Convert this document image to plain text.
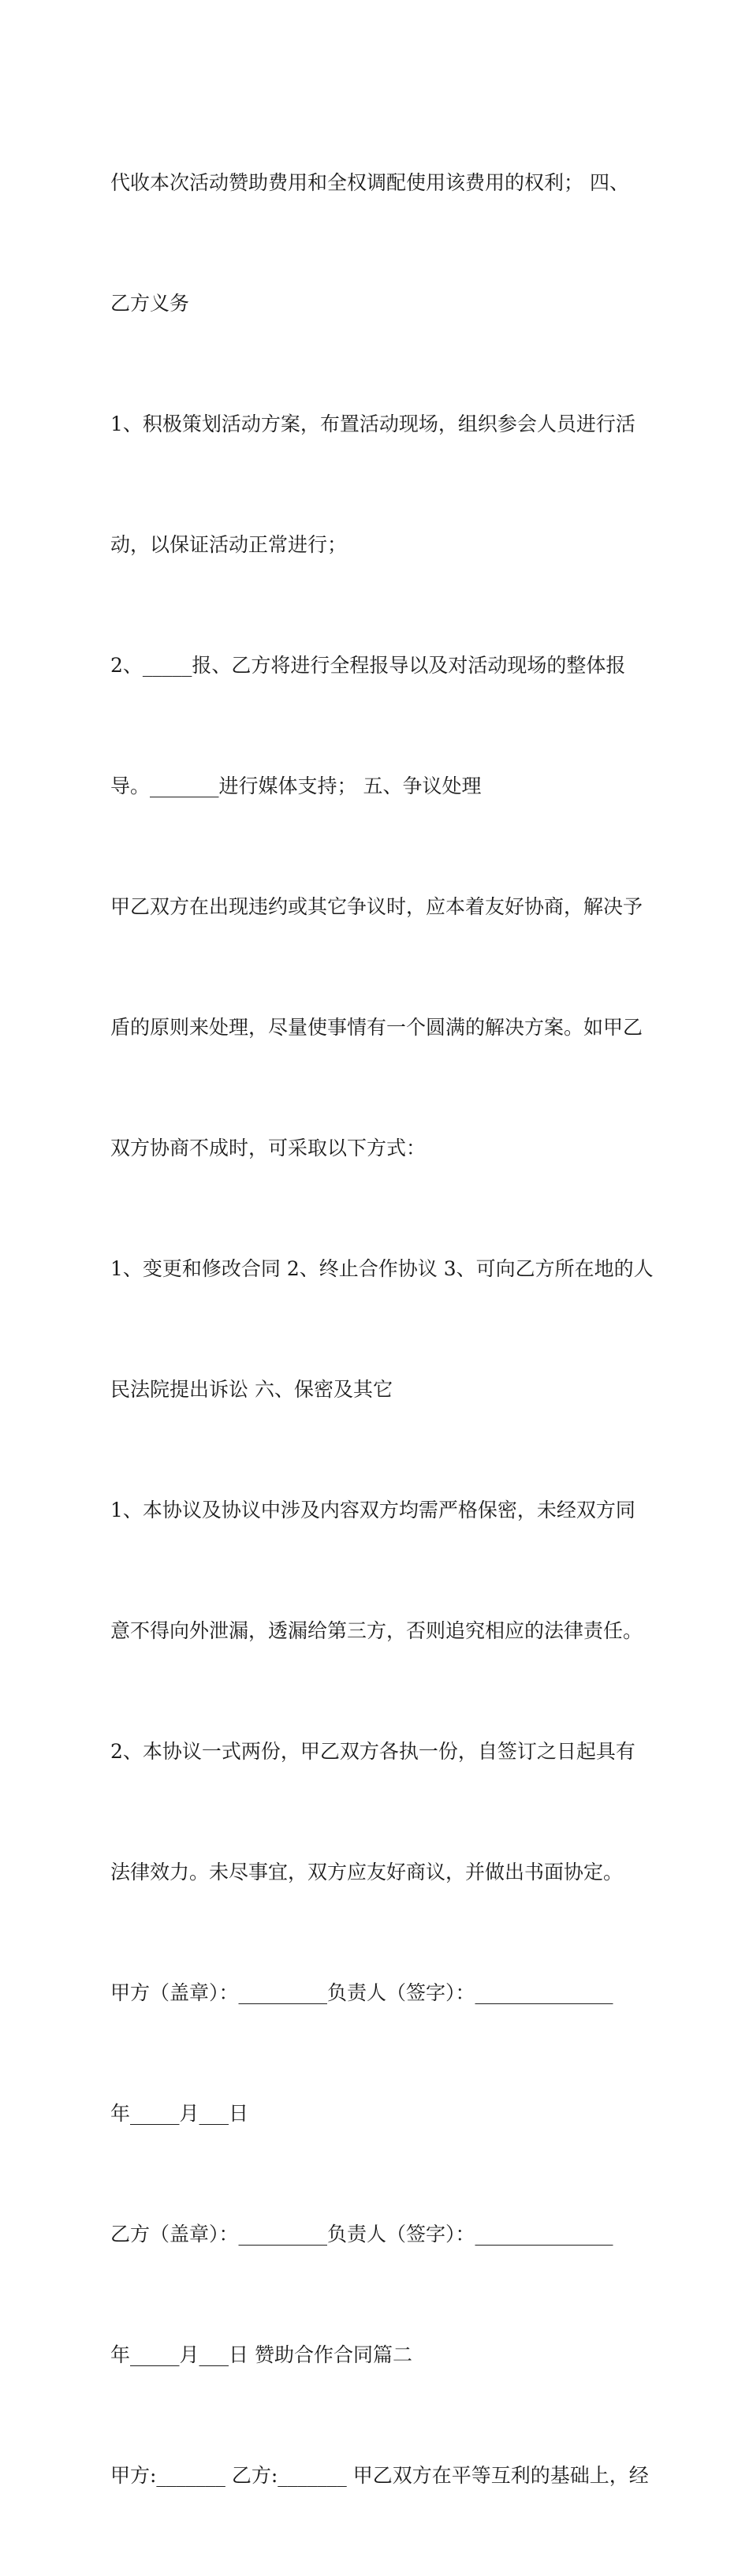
代收本次活动赞助费用和全权调配使用该费用的权利； 四、

乙方义务

1、积极策划活动方案，布置活动现场，组织参会人员进行活

动，以保证活动正常进行；

2、_____报、乙方将进行全程报导以及对活动现场的整体报

导。_______进行媒体支持； 五、争议处理

甲乙双方在出现违约或其它争议时，应本着友好协商，解决予

盾的原则来处理，尽量使事情有一个圆满的解决方案。如甲乙

双方协商不成时，可采取以下方式：

1、变更和修改合同 2、终止合作协议 3、可向乙方所在地的人

民法院提出诉讼 六、保密及其它

1、本协议及协议中涉及内容双方均需严格保密，未经双方同

意不得向外泄漏，透漏给第三方，否则追究相应的法律责任。

2、本协议一式两份，甲乙双方各执一份，自签订之日起具有

法律效力。未尽事宜，双方应友好商议，并做出书面协定。

甲方（盖章）：_________负责人（签字）：______________

年_____月___日

乙方（盖章）：_________负责人（签字）：______________

年_____月___日 赞助合作合同篇二

甲方:_______ 乙方:_______ 甲乙双方在平等互利的基础上，经
